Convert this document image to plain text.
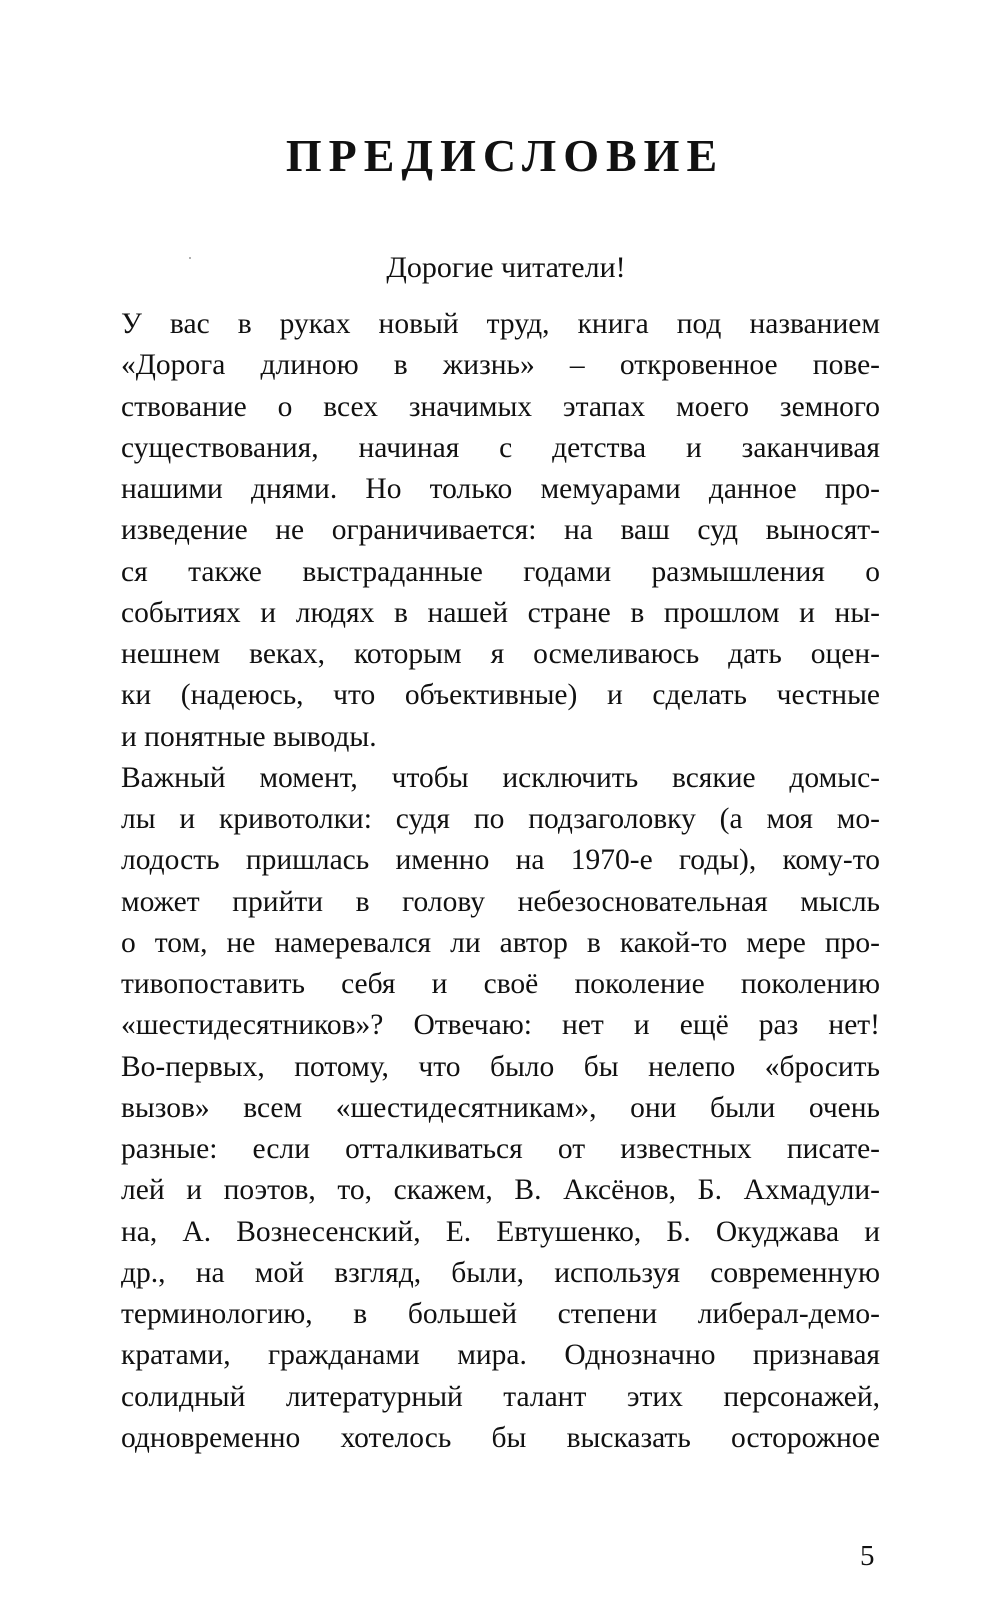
ПРЕДИСЛОВИЕ

Дорогие читатели!

У вас в руках новый труд, книга под названием
«Дорога длиною в жизнь» – откровенное пове-
ствование о всех значимых этапах моего земного
существования, начиная с детства и заканчивая
нашими днями. Но только мемуарами данное про-
изведение не ограничивается: на ваш суд выносят-
ся также выстраданные годами размышления о
событиях и людях в нашей стране в прошлом и ны-
нешнем веках, которым я осмеливаюсь дать оцен-
ки (надеюсь, что объективные) и сделать честные
и понятные выводы.
Важный момент, чтобы исключить всякие домыс-
лы и кривотолки: судя по подзаголовку (а моя мо-
лодость пришлась именно на 1970-е годы), кому-то
может прийти в голову небезосновательная мысль
о том, не намеревался ли автор в какой-то мере про-
тивопоставить себя и своё поколение поколению
«шестидесятников»? Отвечаю: нет и ещё раз нет!
Во-первых, потому, что было бы нелепо «бросить
вызов» всем «шестидесятникам», они были очень
разные: если отталкиваться от известных писате-
лей и поэтов, то, скажем, В. Аксёнов, Б. Ахмадули-
на, А. Вознесенский, Е. Евтушенко, Б. Окуджава и
др., на мой взгляд, были, используя современную
терминологию, в большей степени либерал-демо-
кратами, гражданами мира. Однозначно признавая
солидный литературный талант этих персонажей,
одновременно хотелось бы высказать осторожное

5
